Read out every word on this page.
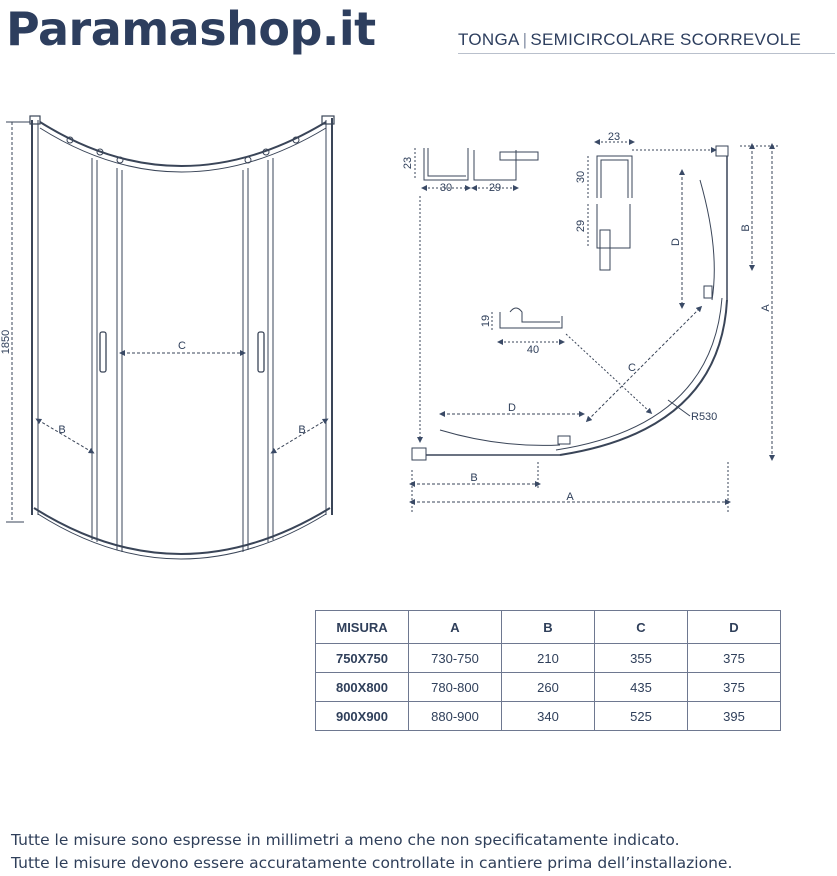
Paramashop.it	TONGA | SEMICIRCOLARE SCORREVOLE
1850	C
B	B
23
30	29
23
30
29
19
40
A
B
A
B
D
D
C
R530
MISURA	A	B	C	D
750X750	730-750	210	355	375
800X800	780-800	260	435	375
900X900	880-900	340	525	395
Tutte le misure sono espresse in millimetri a meno che non specificatamente indicato.
Tutte le misure devono essere accuratamente controllate in cantiere prima dell’installazione.
